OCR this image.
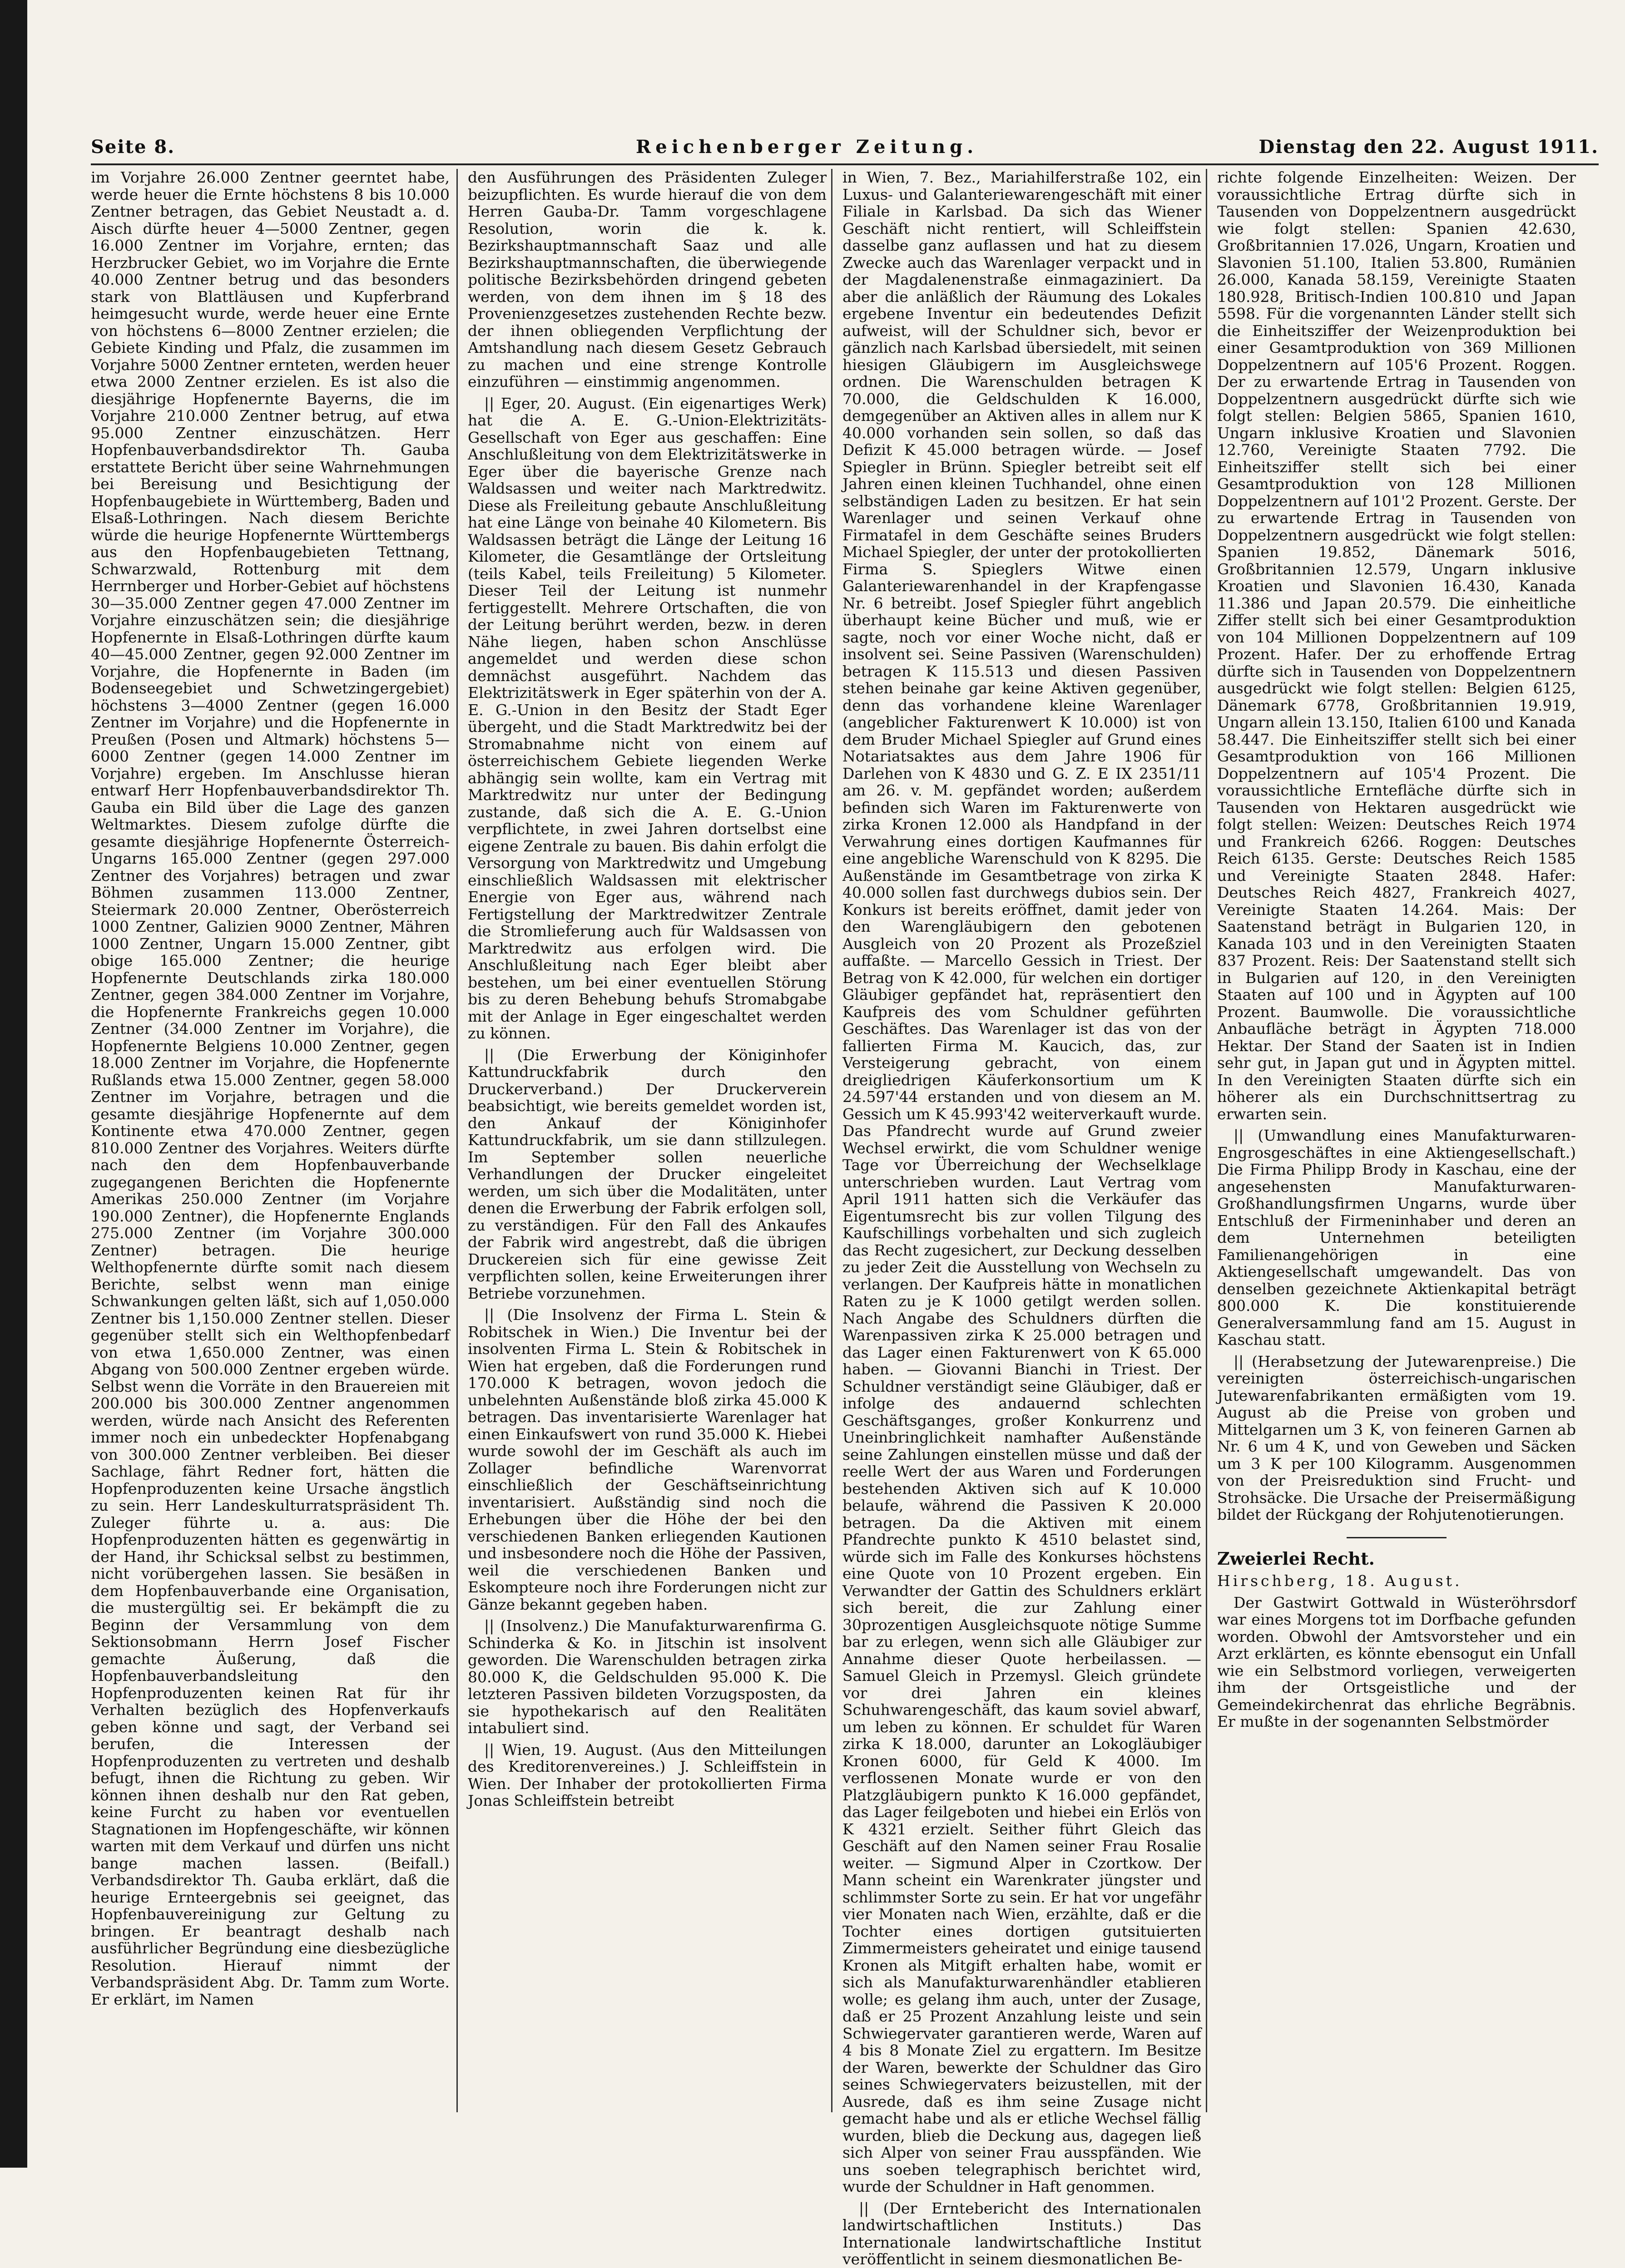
Seite 8.	Reichenberger Zeitung.	Dienstag den 22. August 1911.

im Vorjahre 26.000 Zentner geerntet habe, werde heuer die Ernte höchstens 8 bis 10.000 Zentner betragen, das Gebiet Neustadt a. d. Aisch dürfte heuer 4—5000 Zentner, gegen 16.000 Zentner im Vorjahre, ernten; das Herzbrucker Gebiet, wo im Vorjahre die Ernte 40.000 Zentner betrug und das besonders stark von Blattläusen und Kupferbrand heimgesucht wurde, werde heuer eine Ernte von höchstens 6—8000 Zentner erzielen; die Gebiete Kinding und Pfalz, die zusammen im Vorjahre 5000 Zentner ernteten, werden heuer etwa 2000 Zentner erzielen. Es ist also die diesjährige Hopfenernte Bayerns, die im Vorjahre 210.000 Zentner betrug, auf etwa 95.000 Zentner einzuschätzen. Herr Hopfenbauverbandsdirektor Th. Gauba erstattete Bericht über seine Wahrnehmungen bei Bereisung und Besichtigung der Hopfenbaugebiete in Württemberg, Baden und Elsaß-Lothringen. Nach diesem Berichte würde die heurige Hopfenernte Württembergs aus den Hopfenbaugebieten Tettnang, Schwarzwald, Rottenburg mit dem Herrnberger und Horber-Gebiet auf höchstens 30—35.000 Zentner gegen 47.000 Zentner im Vorjahre einzuschätzen sein; die diesjährige Hopfenernte in Elsaß-Lothringen dürfte kaum 40—45.000 Zentner, gegen 92.000 Zentner im Vorjahre, die Hopfenernte in Baden (im Bodenseegebiet und Schwetzingergebiet) höchstens 3—4000 Zentner (gegen 16.000 Zentner im Vorjahre) und die Hopfenernte in Preußen (Posen und Altmark) höchstens 5—6000 Zentner (gegen 14.000 Zentner im Vorjahre) ergeben. Im Anschlusse hieran entwarf Herr Hopfenbauverbandsdirektor Th. Gauba ein Bild über die Lage des ganzen Weltmarktes. Diesem zufolge dürfte die gesamte diesjährige Hopfenernte Österreich-Ungarns 165.000 Zentner (gegen 297.000 Zentner des Vorjahres) betragen und zwar Böhmen zusammen 113.000 Zentner, Steiermark 20.000 Zentner, Oberösterreich 1000 Zentner, Galizien 9000 Zentner, Mähren 1000 Zentner, Ungarn 15.000 Zentner, gibt obige 165.000 Zentner; die heurige Hopfenernte Deutschlands zirka 180.000 Zentner, gegen 384.000 Zentner im Vorjahre, die Hopfenernte Frankreichs gegen 10.000 Zentner (34.000 Zentner im Vorjahre), die Hopfenernte Belgiens 10.000 Zentner, gegen 18.000 Zentner im Vorjahre, die Hopfenernte Rußlands etwa 15.000 Zentner, gegen 58.000 Zentner im Vorjahre, betragen und die gesamte diesjährige Hopfenernte auf dem Kontinente etwa 470.000 Zentner, gegen 810.000 Zentner des Vorjahres. Weiters dürfte nach den dem Hopfenbauverbande zugegangenen Berichten die Hopfenernte Amerikas 250.000 Zentner (im Vorjahre 190.000 Zentner), die Hopfenernte Englands 275.000 Zentner (im Vorjahre 300.000 Zentner) betragen. Die heurige Welthopfenernte dürfte somit nach diesem Berichte, selbst wenn man einige Schwankungen gelten läßt, sich auf 1,050.000 Zentner bis 1,150.000 Zentner stellen. Dieser gegenüber stellt sich ein Welthopfenbedarf von etwa 1,650.000 Zentner, was einen Abgang von 500.000 Zentner ergeben würde. Selbst wenn die Vorräte in den Brauereien mit 200.000 bis 300.000 Zentner angenommen werden, würde nach Ansicht des Referenten immer noch ein unbedeckter Hopfenabgang von 300.000 Zentner verbleiben. Bei dieser Sachlage, fährt Redner fort, hätten die Hopfenproduzenten keine Ursache ängstlich zu sein. Herr Landeskulturratspräsident Th. Zuleger führte u. a. aus: Die Hopfenproduzenten hätten es gegenwärtig in der Hand, ihr Schicksal selbst zu bestimmen, nicht vorübergehen lassen. Sie besäßen in dem Hopfenbauverbande eine Organisation, die mustergültig sei. Er bekämpft die zu Beginn der Versammlung von dem Sektionsobmann Herrn Josef Fischer gemachte Äußerung, daß die Hopfenbauverbandsleitung den Hopfenproduzenten keinen Rat für ihr Verhalten bezüglich des Hopfenverkaufs geben könne und sagt, der Verband sei berufen, die Interessen der Hopfenproduzenten zu vertreten und deshalb befugt, ihnen die Richtung zu geben. Wir können ihnen deshalb nur den Rat geben, keine Furcht zu haben vor eventuellen Stagnationen im Hopfengeschäfte, wir können warten mit dem Verkauf und dürfen uns nicht bange machen lassen. (Beifall.) Verbandsdirektor Th. Gauba erklärt, daß die heurige Ernteergebnis sei geeignet, das Hopfenbauvereinigung zur Geltung zu bringen. Er beantragt deshalb nach ausführlicher Begründung eine diesbezügliche Resolution. Hierauf nimmt der Verbandspräsident Abg. Dr. Tamm zum Worte. Er erklärt, im Namen

den Ausführungen des Präsidenten Zuleger beizupflichten. Es wurde hierauf die von dem Herren Gauba-Dr. Tamm vorgeschlagene Resolution, worin die k. k. Bezirkshauptmannschaft Saaz und alle Bezirkshauptmannschaften, die überwiegende politische Bezirksbehörden dringend gebeten werden, von dem ihnen im § 18 des Provenienzgesetzes zustehenden Rechte bezw. der ihnen obliegenden Verpflichtung der Amtshandlung nach diesem Gesetz Gebrauch zu machen und eine strenge Kontrolle einzuführen — einstimmig angenommen.

|| Eger, 20. August. (Ein eigenartiges Werk) hat die A. E. G.-Union-Elektrizitäts-Gesellschaft von Eger aus geschaffen: Eine Anschlußleitung von dem Elektrizitätswerke in Eger über die bayerische Grenze nach Waldsassen und weiter nach Marktredwitz. Diese als Freileitung gebaute Anschlußleitung hat eine Länge von beinahe 40 Kilometern. Bis Waldsassen beträgt die Länge der Leitung 16 Kilometer, die Gesamtlänge der Ortsleitung (teils Kabel, teils Freileitung) 5 Kilometer. Dieser Teil der Leitung ist nunmehr fertiggestellt. Mehrere Ortschaften, die von der Leitung berührt werden, bezw. in deren Nähe liegen, haben schon Anschlüsse angemeldet und werden diese schon demnächst ausgeführt. Nachdem das Elektrizitätswerk in Eger späterhin von der A. E. G.-Union in den Besitz der Stadt Eger übergeht, und die Stadt Marktredwitz bei der Stromabnahme nicht von einem auf österreichischem Gebiete liegenden Werke abhängig sein wollte, kam ein Vertrag mit Marktredwitz nur unter der Bedingung zustande, daß sich die A. E. G.-Union verpflichtete, in zwei Jahren dortselbst eine eigene Zentrale zu bauen. Bis dahin erfolgt die Versorgung von Marktredwitz und Umgebung einschließlich Waldsassen mit elektrischer Energie von Eger aus, während nach Fertigstellung der Marktredwitzer Zentrale die Stromlieferung auch für Waldsassen von Marktredwitz aus erfolgen wird. Die Anschlußleitung nach Eger bleibt aber bestehen, um bei einer eventuellen Störung bis zu deren Behebung behufs Stromabgabe mit der Anlage in Eger eingeschaltet werden zu können.

|| (Die Erwerbung der Königinhofer Kattundruckfabrik durch den Druckerverband.) Der Druckerverein beabsichtigt, wie bereits gemeldet worden ist, den Ankauf der Königinhofer Kattundruckfabrik, um sie dann stillzulegen. Im September sollen neuerliche Verhandlungen der Drucker eingeleitet werden, um sich über die Modalitäten, unter denen die Erwerbung der Fabrik erfolgen soll, zu verständigen. Für den Fall des Ankaufes der Fabrik wird angestrebt, daß die übrigen Druckereien sich für eine gewisse Zeit verpflichten sollen, keine Erweiterungen ihrer Betriebe vorzunehmen.

|| (Die Insolvenz der Firma L. Stein & Robitschek in Wien.) Die Inventur bei der insolventen Firma L. Stein & Robitschek in Wien hat ergeben, daß die Forderungen rund 170.000 K betragen, wovon jedoch die unbelehnten Außenstände bloß zirka 45.000 K betragen. Das inventarisierte Warenlager hat einen Einkaufswert von rund 35.000 K. Hiebei wurde sowohl der im Geschäft als auch im Zollager befindliche Warenvorrat einschließlich der Geschäftseinrichtung inventarisiert. Außständig sind noch die Erhebungen über die Höhe der bei den verschiedenen Banken erliegenden Kautionen und insbesondere noch die Höhe der Passiven, weil die verschiedenen Banken und Eskompteure noch ihre Forderungen nicht zur Gänze bekannt gegeben haben.

|| (Insolvenz.) Die Manufakturwarenfirma G. Schinderka & Ko. in Jitschin ist insolvent geworden. Die Warenschulden betragen zirka 80.000 K, die Geldschulden 95.000 K. Die letzteren Passiven bildeten Vorzugsposten, da sie hypothekarisch auf den Realitäten intabuliert sind.

|| Wien, 19. August. (Aus den Mitteilungen des Kreditorenvereines.) J. Schleiffstein in Wien. Der Inhaber der protokollierten Firma Jonas Schleiffstein betreibt

in Wien, 7. Bez., Mariahilferstraße 102, ein Luxus- und Galanteriewarengeschäft mit einer Filiale in Karlsbad. Da sich das Wiener Geschäft nicht rentiert, will Schleiffstein dasselbe ganz auflassen und hat zu diesem Zwecke auch das Warenlager verpackt und in der Magdalenenstraße einmagaziniert. Da aber die anläßlich der Räumung des Lokales ergebene Inventur ein bedeutendes Defizit aufweist, will der Schuldner sich, bevor er gänzlich nach Karlsbad übersiedelt, mit seinen hiesigen Gläubigern im Ausgleichswege ordnen. Die Warenschulden betragen K 70.000, die Geldschulden K 16.000, demgegenüber an Aktiven alles in allem nur K 40.000 vorhanden sein sollen, so daß das Defizit K 45.000 betragen würde. — Josef Spiegler in Brünn. Spiegler betreibt seit elf Jahren einen kleinen Tuchhandel, ohne einen selbständigen Laden zu besitzen. Er hat sein Warenlager und seinen Verkauf ohne Firmatafel in dem Geschäfte seines Bruders Michael Spiegler, der unter der protokollierten Firma S. Spieglers Witwe einen Galanteriewarenhandel in der Krapfengasse Nr. 6 betreibt. Josef Spiegler führt angeblich überhaupt keine Bücher und muß, wie er sagte, noch vor einer Woche nicht, daß er insolvent sei. Seine Passiven (Warenschulden) betragen K 115.513 und diesen Passiven stehen beinahe gar keine Aktiven gegenüber, denn das vorhandene kleine Warenlager (angeblicher Fakturenwert K 10.000) ist von dem Bruder Michael Spiegler auf Grund eines Notariatsaktes aus dem Jahre 1906 für Darlehen von K 4830 und G. Z. E IX 2351/11 am 26. v. M. gepfändet worden; außerdem befinden sich Waren im Fakturenwerte von zirka Kronen 12.000 als Handpfand in der Verwahrung eines dortigen Kaufmannes für eine angebliche Warenschuld von K 8295. Die Außenstände im Gesamtbetrage von zirka K 40.000 sollen fast durchwegs dubios sein. Der Konkurs ist bereits eröffnet, damit jeder von den Warengläubigern den gebotenen Ausgleich von 20 Prozent als Prozeßziel auffaßte. — Marcello Gessich in Triest. Der Betrag von K 42.000, für welchen ein dortiger Gläubiger gepfändet hat, repräsentiert den Kaufpreis des vom Schuldner geführten Geschäftes. Das Warenlager ist das von der fallierten Firma M. Kaucich, das, zur Versteigerung gebracht, von einem dreigliedrigen Käuferkonsortium um K 24.597'44 erstanden und von diesem an M. Gessich um K 45.993'42 weiterverkauft wurde. Das Pfandrecht wurde auf Grund zweier Wechsel erwirkt, die vom Schuldner wenige Tage vor Überreichung der Wechselklage unterschrieben wurden. Laut Vertrag vom April 1911 hatten sich die Verkäufer das Eigentumsrecht bis zur vollen Tilgung des Kaufschillings vorbehalten und sich zugleich das Recht zugesichert, zur Deckung desselben zu jeder Zeit die Ausstellung von Wechseln zu verlangen. Der Kaufpreis hätte in monatlichen Raten zu je K 1000 getilgt werden sollen. Nach Angabe des Schuldners dürften die Warenpassiven zirka K 25.000 betragen und das Lager einen Fakturenwert von K 65.000 haben. — Giovanni Bianchi in Triest. Der Schuldner verständigt seine Gläubiger, daß er infolge des andauernd schlechten Geschäftsganges, großer Konkurrenz und Uneinbringlichkeit namhafter Außenstände seine Zahlungen einstellen müsse und daß der reelle Wert der aus Waren und Forderungen bestehenden Aktiven sich auf K 10.000 belaufe, während die Passiven K 20.000 betragen. Da die Aktiven mit einem Pfandrechte punkto K 4510 belastet sind, würde sich im Falle des Konkurses höchstens eine Quote von 10 Prozent ergeben. Ein Verwandter der Gattin des Schuldners erklärt sich bereit, die zur Zahlung einer 30prozentigen Ausgleichsquote nötige Summe bar zu erlegen, wenn sich alle Gläubiger zur Annahme dieser Quote herbeilassen. — Samuel Gleich in Przemysl. Gleich gründete vor drei Jahren ein kleines Schuhwarengeschäft, das kaum soviel abwarf, um leben zu können. Er schuldet für Waren zirka K 18.000, darunter an Lokogläubiger Kronen 6000, für Geld K 4000. Im verflossenen Monate wurde er von den Platzgläubigern punkto K 16.000 gepfändet, das Lager feilgeboten und hiebei ein Erlös von K 4321 erzielt. Seither führt Gleich das Geschäft auf den Namen seiner Frau Rosalie weiter. — Sigmund Alper in Czortkow. Der Mann scheint ein Warenkrater jüngster und schlimmster Sorte zu sein. Er hat vor ungefähr vier Monaten nach Wien, erzählte, daß er die Tochter eines dortigen gutsituierten Zimmermeisters geheiratet und einige tausend Kronen als Mitgift erhalten habe, womit er sich als Manufakturwarenhändler etablieren wolle; es gelang ihm auch, unter der Zusage, daß er 25 Prozent Anzahlung leiste und sein Schwiegervater garantieren werde, Waren auf 4 bis 8 Monate Ziel zu ergattern. Im Besitze der Waren, bewerkte der Schuldner das Giro seines Schwiegervaters beizustellen, mit der Ausrede, daß es ihm seine Zusage nicht gemacht habe und als er etliche Wechsel fällig wurden, blieb die Deckung aus, dagegen ließ sich Alper von seiner Frau ausspfänden. Wie uns soeben telegraphisch berichtet wird, wurde der Schuldner in Haft genommen.

|| (Der Erntebericht des Internationalen landwirtschaftlichen Instituts.) Das Internationale landwirtschaftliche Institut veröffentlicht in seinem diesmonatlichen Be-

richte folgende Einzelheiten: Weizen. Der voraussichtliche Ertrag dürfte sich in Tausenden von Doppelzentnern ausgedrückt wie folgt stellen: Spanien 42.630, Großbritannien 17.026, Ungarn, Kroatien und Slavonien 51.100, Italien 53.800, Rumänien 26.000, Kanada 58.159, Vereinigte Staaten 180.928, Britisch-Indien 100.810 und Japan 5598. Für die vorgenannten Länder stellt sich die Einheitsziffer der Weizenproduktion bei einer Gesamtproduktion von 369 Millionen Doppelzentnern auf 105'6 Prozent. Roggen. Der zu erwartende Ertrag in Tausenden von Doppelzentnern ausgedrückt dürfte sich wie folgt stellen: Belgien 5865, Spanien 1610, Ungarn inklusive Kroatien und Slavonien 12.760, Vereinigte Staaten 7792. Die Einheitsziffer stellt sich bei einer Gesamtproduktion von 128 Millionen Doppelzentnern auf 101'2 Prozent. Gerste. Der zu erwartende Ertrag in Tausenden von Doppelzentnern ausgedrückt wie folgt stellen: Spanien 19.852, Dänemark 5016, Großbritannien 12.579, Ungarn inklusive Kroatien und Slavonien 16.430, Kanada 11.386 und Japan 20.579. Die einheitliche Ziffer stellt sich bei einer Gesamtproduktion von 104 Millionen Doppelzentnern auf 109 Prozent. Hafer. Der zu erhoffende Ertrag dürfte sich in Tausenden von Doppelzentnern ausgedrückt wie folgt stellen: Belgien 6125, Dänemark 6778, Großbritannien 19.919, Ungarn allein 13.150, Italien 6100 und Kanada 58.447. Die Einheitsziffer stellt sich bei einer Gesamtproduktion von 166 Millionen Doppelzentnern auf 105'4 Prozent. Die voraussichtliche Erntefläche dürfte sich in Tausenden von Hektaren ausgedrückt wie folgt stellen: Weizen: Deutsches Reich 1974 und Frankreich 6266. Roggen: Deutsches Reich 6135. Gerste: Deutsches Reich 1585 und Vereinigte Staaten 2848. Hafer: Deutsches Reich 4827, Frankreich 4027, Vereinigte Staaten 14.264. Mais: Der Saatenstand beträgt in Bulgarien 120, in Kanada 103 und in den Vereinigten Staaten 837 Prozent. Reis: Der Saatenstand stellt sich in Bulgarien auf 120, in den Vereinigten Staaten auf 100 und in Ägypten auf 100 Prozent. Baumwolle. Die voraussichtliche Anbaufläche beträgt in Ägypten 718.000 Hektar. Der Stand der Saaten ist in Indien sehr gut, in Japan gut und in Ägypten mittel. In den Vereinigten Staaten dürfte sich ein höherer als ein Durchschnittsertrag zu erwarten sein.

|| (Umwandlung eines Manufakturwaren-Engrosgeschäftes in eine Aktiengesellschaft.) Die Firma Philipp Brody in Kaschau, eine der angesehensten Manufakturwaren-Großhandlungsfirmen Ungarns, wurde über Entschluß der Firmeninhaber und deren an dem Unternehmen beteiligten Familienangehörigen in eine Aktiengesellschaft umgewandelt. Das von denselben gezeichnete Aktienkapital beträgt 800.000 K. Die konstituierende Generalversammlung fand am 15. August in Kaschau statt.

|| (Herabsetzung der Jutewarenpreise.) Die vereinigten österreichisch-ungarischen Jutewarenfabrikanten ermäßigten vom 19. August ab die Preise von groben und Mittelgarnen um 3 K, von feineren Garnen ab Nr. 6 um 4 K, und von Geweben und Säcken um 3 K per 100 Kilogramm. Ausgenommen von der Preisreduktion sind Frucht- und Strohsäcke. Die Ursache der Preisermäßigung bildet der Rückgang der Rohjutenotierungen.

Zweierlei Recht.

Hirschberg, 18. August.

Der Gastwirt Gottwald in Wüsteröhrsdorf war eines Morgens tot im Dorfbache gefunden worden. Obwohl der Amtsvorsteher und ein Arzt erklärten, es könnte ebensogut ein Unfall wie ein Selbstmord vorliegen, verweigerten ihm der Ortsgeistliche und der Gemeindekirchenrat das ehrliche Begräbnis. Er mußte in der sogenannten Selbstmörder
